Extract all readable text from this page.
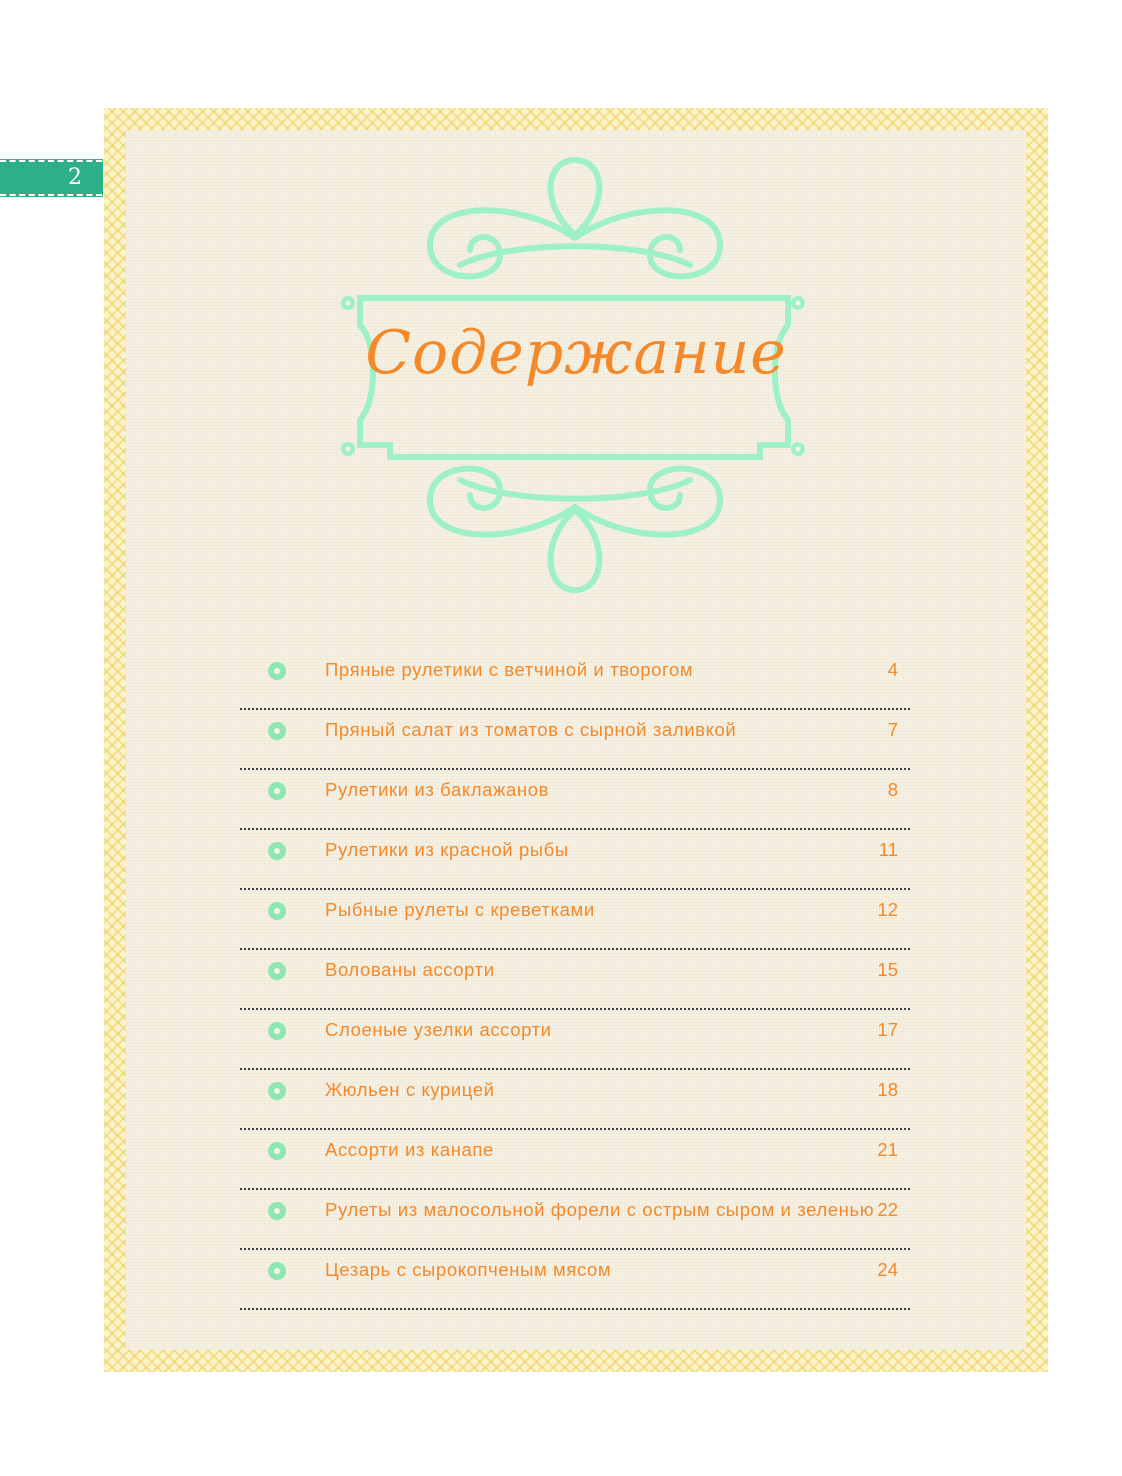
2
Содержание
Пряные рулетики с ветчиной и творогом	4
Пряный салат из томатов с сырной заливкой	7
Рулетики из баклажанов	8
Рулетики из красной рыбы	11
Рыбные рулеты с креветками	12
Волованы ассорти	15
Слоеные узелки ассорти	17
Жюльен с курицей	18
Ассорти из канапе	21
Рулеты из малосольной форели с острым сыром и зеленью 22
Цезарь с сырокопченым мясом	24
